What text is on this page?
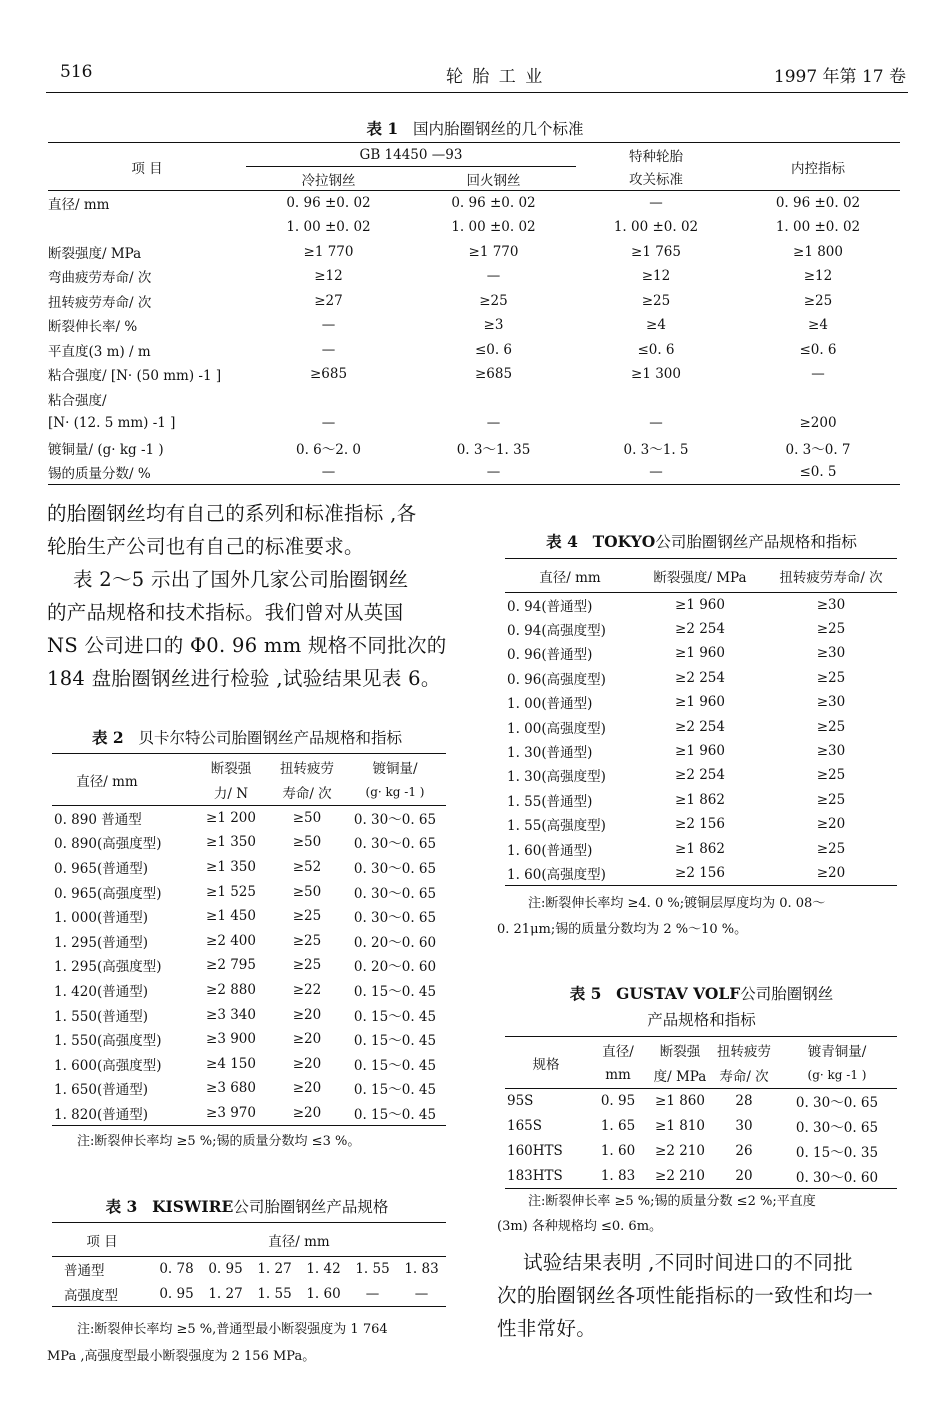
516	轮 胎 工 业	1997 年第 17 卷
表 1 国内胎圈钢丝的几个标准
项 目	GB 14450 —93		特种轮胎	内控指标
	冷拉钢丝	回火钢丝	攻关标准	
直径/ mm	0. 96 ±0. 02	0. 96 ±0. 02	—	0. 96 ±0. 02
	1. 00 ±0. 02	1. 00 ±0. 02	1. 00 ±0. 02	1. 00 ±0. 02
断裂强度/ MPa	≥1 770	≥1 770	≥1 765	≥1 800
弯曲疲劳寿命/ 次	≥12	—	≥12	≥12
扭转疲劳寿命/ 次	≥27	≥25	≥25	≥25
断裂伸长率/ %	—	≥3	≥4	≥4
平直度(3 m) / m	—	≤0. 6	≤0. 6	≤0. 6
粘合强度/ [N· (50 mm) -1 ]	≥685	≥685	≥1 300	—
粘合强度/				
[N· (12. 5 mm) -1 ]	—	—	—	≥200
镀铜量/ (g· kg -1 )	0. 6～2. 0	0. 3～1. 35	0. 3～1. 5	0. 3～0. 7
锡的质量分数/ %	—	—	—	≤0. 5
的胎圈钢丝均有自己的系列和标准指标 ,各
轮胎生产公司也有自己的标准要求。
表 2～5 示出了国外几家公司胎圈钢丝
的产品规格和技术指标。我们曾对从英国
NS 公司进口的 Φ0. 96 mm 规格不同批次的
184 盘胎圈钢丝进行检验 ,试验结果见表 6。
表 2 贝卡尔特公司胎圈钢丝产品规格和指标
直径/ mm	断裂强	扭转疲劳	镀铜量/
	力/ N	寿命/ 次	(g· kg -1 )
0. 890 普通型	≥1 200	≥50	0. 30～0. 65
0. 890(高强度型)	≥1 350	≥50	0. 30～0. 65
0. 965(普通型)	≥1 350	≥52	0. 30～0. 65
0. 965(高强度型)	≥1 525	≥50	0. 30～0. 65
1. 000(普通型)	≥1 450	≥25	0. 30～0. 65
1. 295(普通型)	≥2 400	≥25	0. 20～0. 60
1. 295(高强度型)	≥2 795	≥25	0. 20～0. 60
1. 420(普通型)	≥2 880	≥22	0. 15～0. 45
1. 550(普通型)	≥3 340	≥20	0. 15～0. 45
1. 550(高强度型)	≥3 900	≥20	0. 15～0. 45
1. 600(高强度型)	≥4 150	≥20	0. 15～0. 45
1. 650(普通型)	≥3 680	≥20	0. 15～0. 45
1. 820(普通型)	≥3 970	≥20	0. 15～0. 45
注:断裂伸长率均 ≥5 %;锡的质量分数均 ≤3 %。
表 3 KISWIRE公司胎圈钢丝产品规格
项 目	直径/ mm					
普通型	0. 78	0. 95	1. 27	1. 42	1. 55	1. 83
高强度型	0. 95	1. 27	1. 55	1. 60	—	—
注:断裂伸长率均 ≥5 %,普通型最小断裂强度为 1 764
MPa ,高强度型最小断裂强度为 2 156 MPa。
表 4 TOKYO公司胎圈钢丝产品规格和指标
直径/ mm	断裂强度/ MPa	扭转疲劳寿命/ 次
0. 94(普通型)	≥1 960	≥30
0. 94(高强度型)	≥2 254	≥25
0. 96(普通型)	≥1 960	≥30
0. 96(高强度型)	≥2 254	≥25
1. 00(普通型)	≥1 960	≥30
1. 00(高强度型)	≥2 254	≥25
1. 30(普通型)	≥1 960	≥30
1. 30(高强度型)	≥2 254	≥25
1. 55(普通型)	≥1 862	≥25
1. 55(高强度型)	≥2 156	≥20
1. 60(普通型)	≥1 862	≥25
1. 60(高强度型)	≥2 156	≥20
注:断裂伸长率均 ≥4. 0 %;镀铜层厚度均为 0. 08～
0. 21μm;锡的质量分数均为 2 %～10 %。
表 5 GUSTAV VOLF公司胎圈钢丝
产品规格和指标
规格	直径/	断裂强	扭转疲劳	镀青铜量/
	mm	度/ MPa	寿命/ 次	(g· kg -1 )
95S	0. 95	≥1 860	28	0. 30～0. 65
165S	1. 65	≥1 810	30	0. 30～0. 65
160HTS	1. 60	≥2 210	26	0. 15～0. 35
183HTS	1. 83	≥2 210	20	0. 30～0. 60
注:断裂伸长率 ≥5 %;锡的质量分数 ≤2 %;平直度
(3m) 各种规格均 ≤0. 6m。
试验结果表明 ,不同时间进口的不同批
次的胎圈钢丝各项性能指标的一致性和均一
性非常好。
